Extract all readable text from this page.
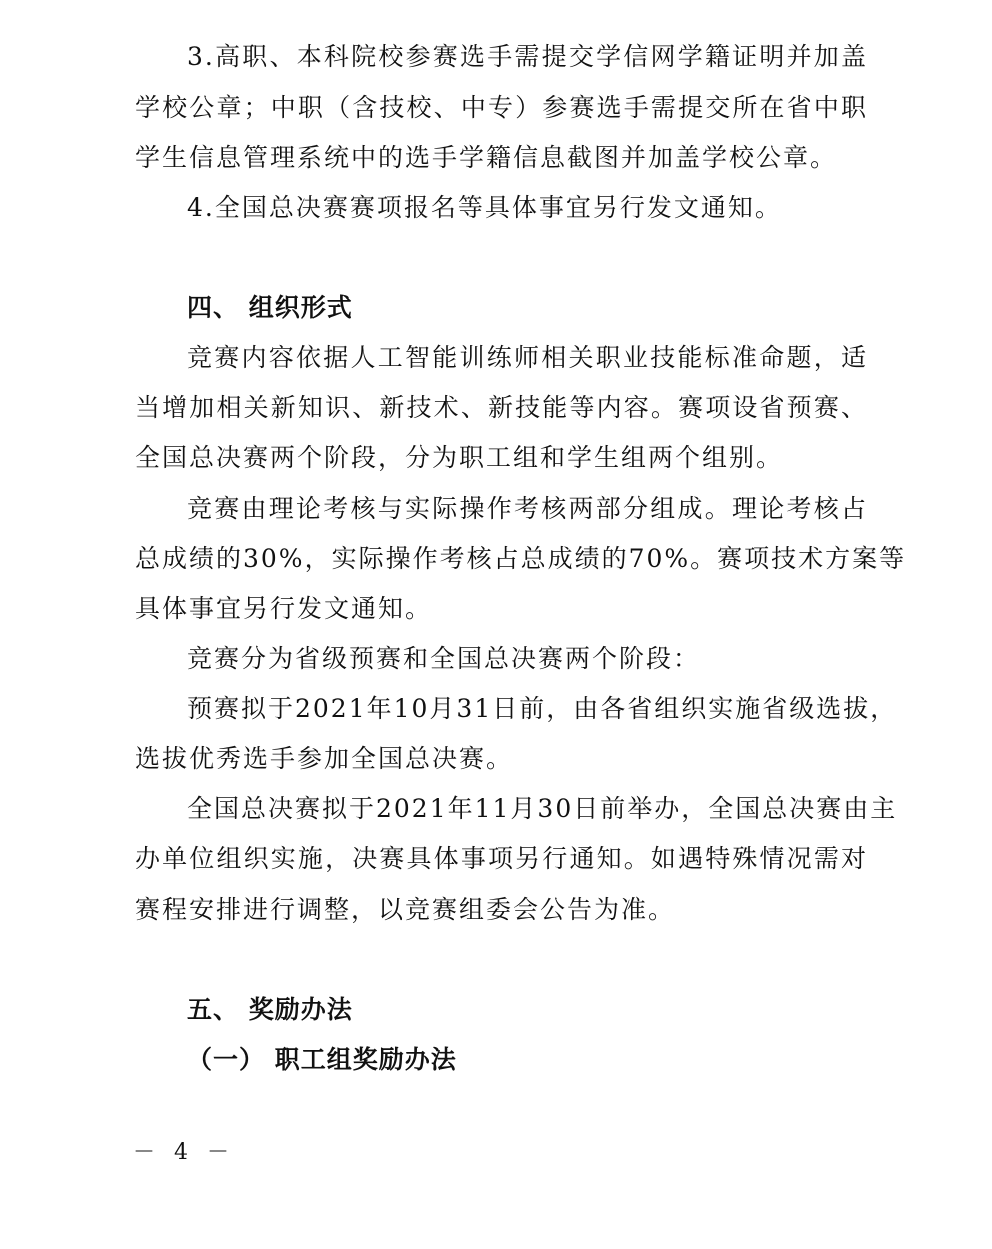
3.高职、本科院校参赛选手需提交学信网学籍证明并加盖
学校公章；中职（含技校、中专）参赛选手需提交所在省中职
学生信息管理系统中的选手学籍信息截图并加盖学校公章。
4.全国总决赛赛项报名等具体事宜另行发文通知。
四、 组织形式
竞赛内容依据人工智能训练师相关职业技能标准命题，适
当增加相关新知识、新技术、新技能等内容。赛项设省预赛、
全国总决赛两个阶段，分为职工组和学生组两个组别。
竞赛由理论考核与实际操作考核两部分组成。理论考核占
总成绩的30%，实际操作考核占总成绩的70%。赛项技术方案等
具体事宜另行发文通知。
竞赛分为省级预赛和全国总决赛两个阶段：
预赛拟于2021年10月31日前，由各省组织实施省级选拔，
选拔优秀选手参加全国总决赛。
全国总决赛拟于2021年11月30日前举办，全国总决赛由主
办单位组织实施，决赛具体事项另行通知。如遇特殊情况需对
赛程安排进行调整，以竞赛组委会公告为准。
五、 奖励办法
（一） 职工组奖励办法
－ 4 －
